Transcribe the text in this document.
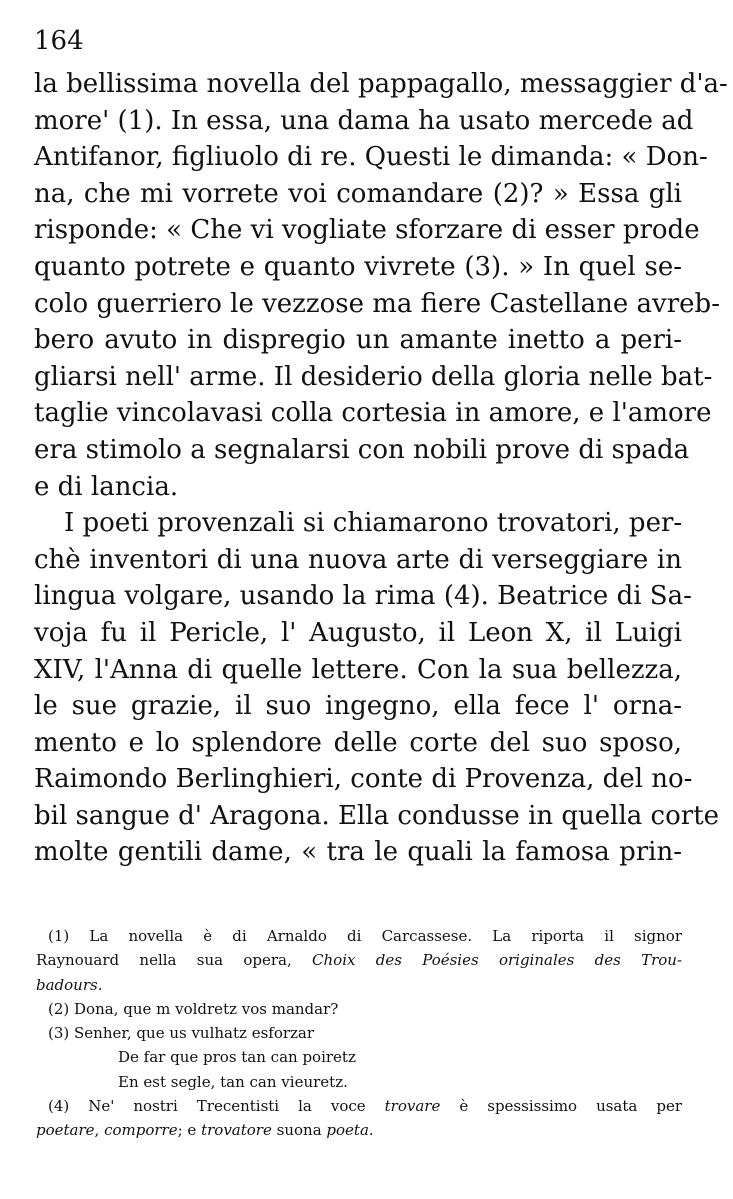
164
la bellissima novella del pappagallo, messaggier d'a-
more' (1). In essa, una dama ha usato mercede ad
Antifanor, figliuolo di re. Questi le dimanda: « Don-
na, che mi vorrete voi comandare (2)? » Essa gli
risponde: « Che vi vogliate sforzare di esser prode
quanto potrete e quanto vivrete (3). » In quel se-
colo guerriero le vezzose ma fiere Castellane avreb-
bero avuto in dispregio un amante inetto a peri-
gliarsi nell' arme. Il desiderio della gloria nelle bat-
taglie vincolavasi colla cortesia in amore, e l'amore
era stimolo a segnalarsi con nobili prove di spada
e di lancia.
I poeti provenzali si chiamarono trovatori, per-
chè inventori di una nuova arte di verseggiare in
lingua volgare, usando la rima (4). Beatrice di Sa-
voja fu il Pericle, l' Augusto, il Leon X, il Luigi
XIV, l'Anna di quelle lettere. Con la sua bellezza,
le sue grazie, il suo ingegno, ella fece l' orna-
mento e lo splendore delle corte del suo sposo,
Raimondo Berlinghieri, conte di Provenza, del no-
bil sangue d' Aragona. Ella condusse in quella corte
molte gentili dame, « tra le quali la famosa prin-
(1) La novella è di Arnaldo di Carcassese. La riporta il signor
Raynouard nella sua opera, Choix des Poésies originales des Trou-
badours.
(2) Dona, que m voldretz vos mandar?
(3) Senher, que us vulhatz esforzar
De far que pros tan can poiretz
En est segle, tan can vieuretz.
(4) Ne' nostri Trecentisti la voce trovare è spessissimo usata per
poetare, comporre; e trovatore suona poeta.
